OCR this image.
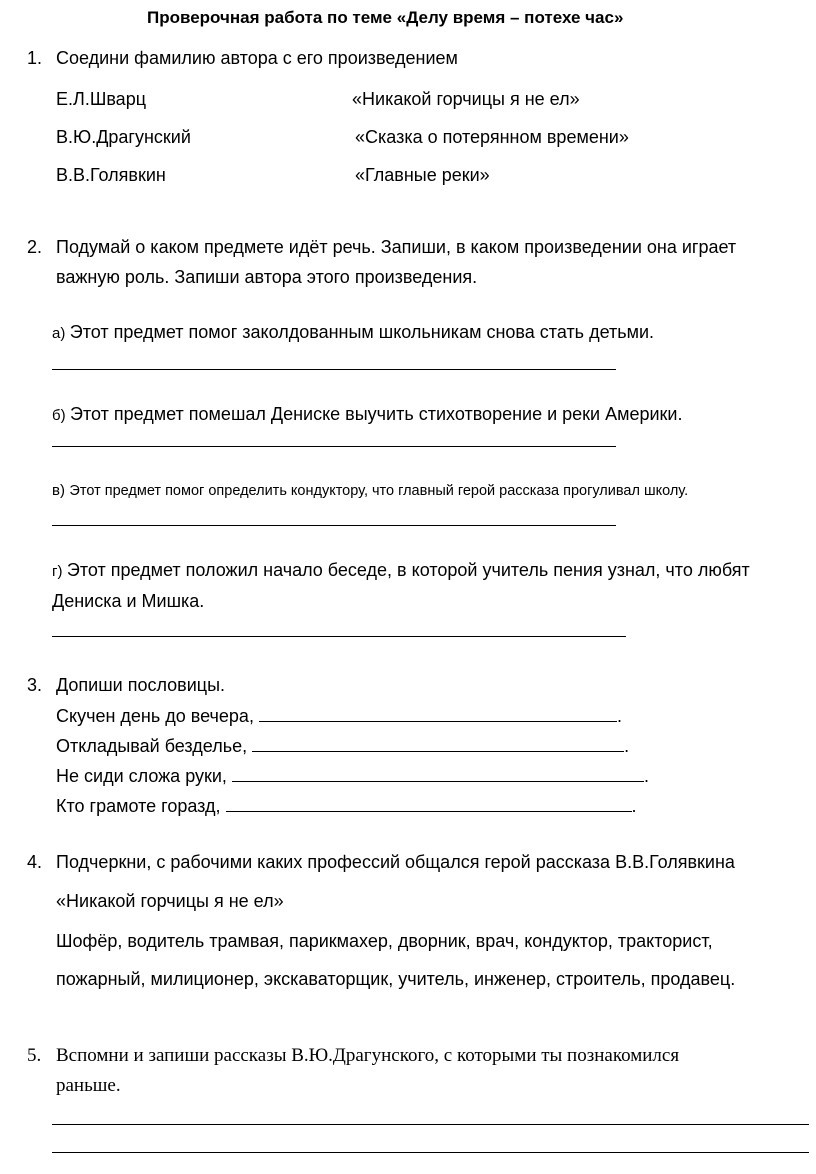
Проверочная работа по теме «Делу время – потехе час»
1. Соедини фамилию автора с его произведением
Е.Л.Шварц	«Никакой горчицы я не ел»
В.Ю.Драгунский	«Сказка о потерянном времени»
В.В.Голявкин	«Главные реки»
2. Подумай о каком предмете идёт речь. Запиши, в каком произведении она играет
важную роль. Запиши автора этого произведения.
а) Этот предмет помог заколдованным школьникам снова стать детьми.
б) Этот предмет помешал Дениске выучить стихотворение и реки Америки.
в) Этот предмет помог определить кондуктору, что главный герой рассказа прогуливал школу.
г) Этот предмет положил начало беседе, в которой учитель пения узнал, что любят
Дениска и Мишка.
3. Допиши пословицы.
Скучен день до вечера,	.
Откладывай безделье,	.
Не сиди сложа руки,	.
Кто грамоте горазд,	.
4. Подчеркни, с рабочими каких профессий общался герой рассказа В.В.Голявкина
«Никакой горчицы я не ел»
Шофёр, водитель трамвая, парикмахер, дворник, врач, кондуктор, тракторист,
пожарный, милиционер, экскаваторщик, учитель, инженер, строитель, продавец.
5. Вспомни и запиши рассказы В.Ю.Драгунского, с которыми ты познакомился
раньше.
